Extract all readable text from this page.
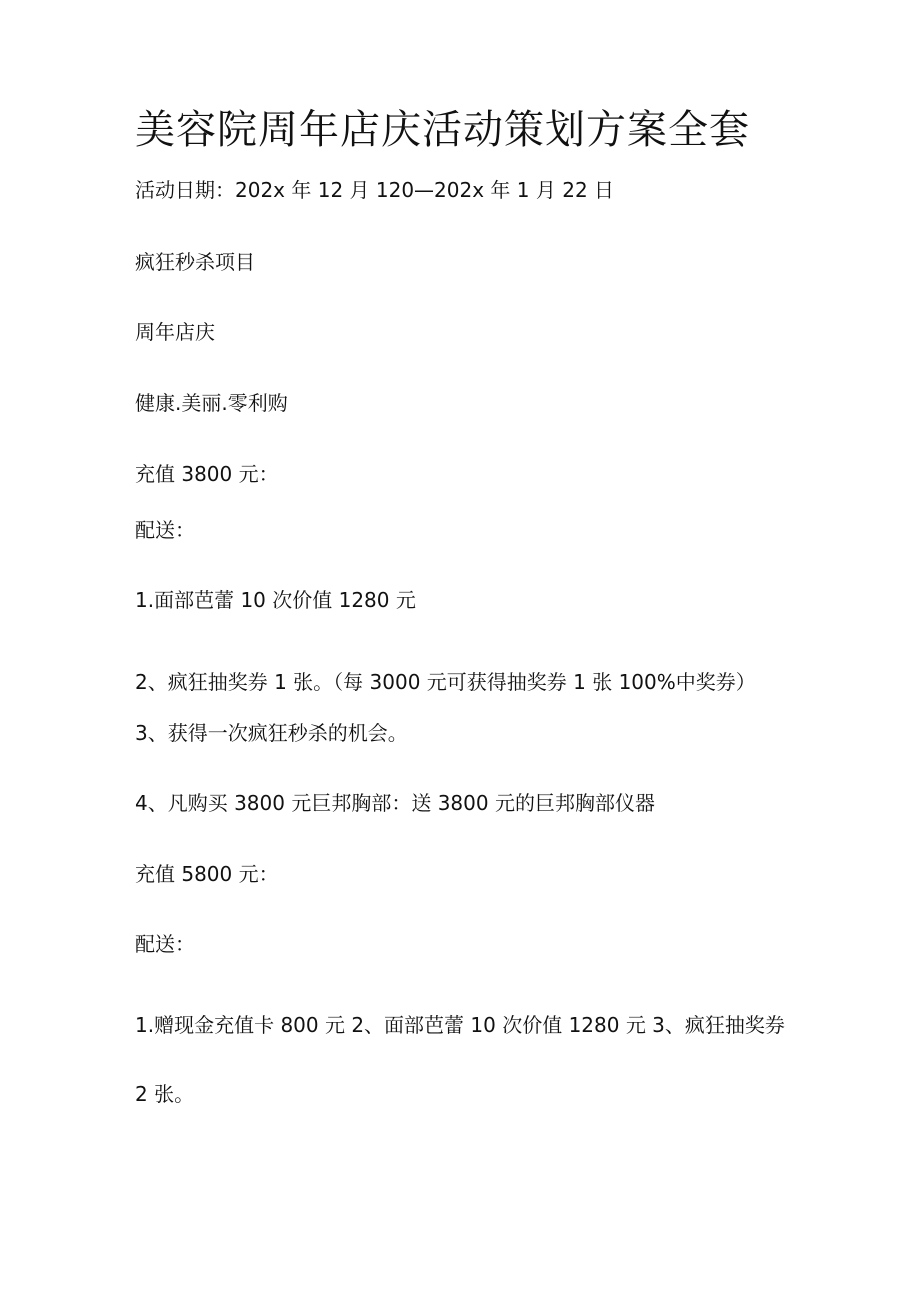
美容院周年店庆活动策划方案全套
活动日期：202x 年 12 月 120—202x 年 1 月 22 日
疯狂秒杀项目
周年店庆
健康.美丽.零利购
充值 3800 元：
配送：
1.面部芭蕾 10 次价值 1280 元
2、疯狂抽奖券 1 张。（每 3000 元可获得抽奖券 1 张 100%中奖券）
3、获得一次疯狂秒杀的机会。
4、凡购买 3800 元巨邦胸部：送 3800 元的巨邦胸部仪器
充值 5800 元：
配送：
1.赠现金充值卡 800 元 2、面部芭蕾 10 次价值 1280 元 3、疯狂抽奖券
2 张。
